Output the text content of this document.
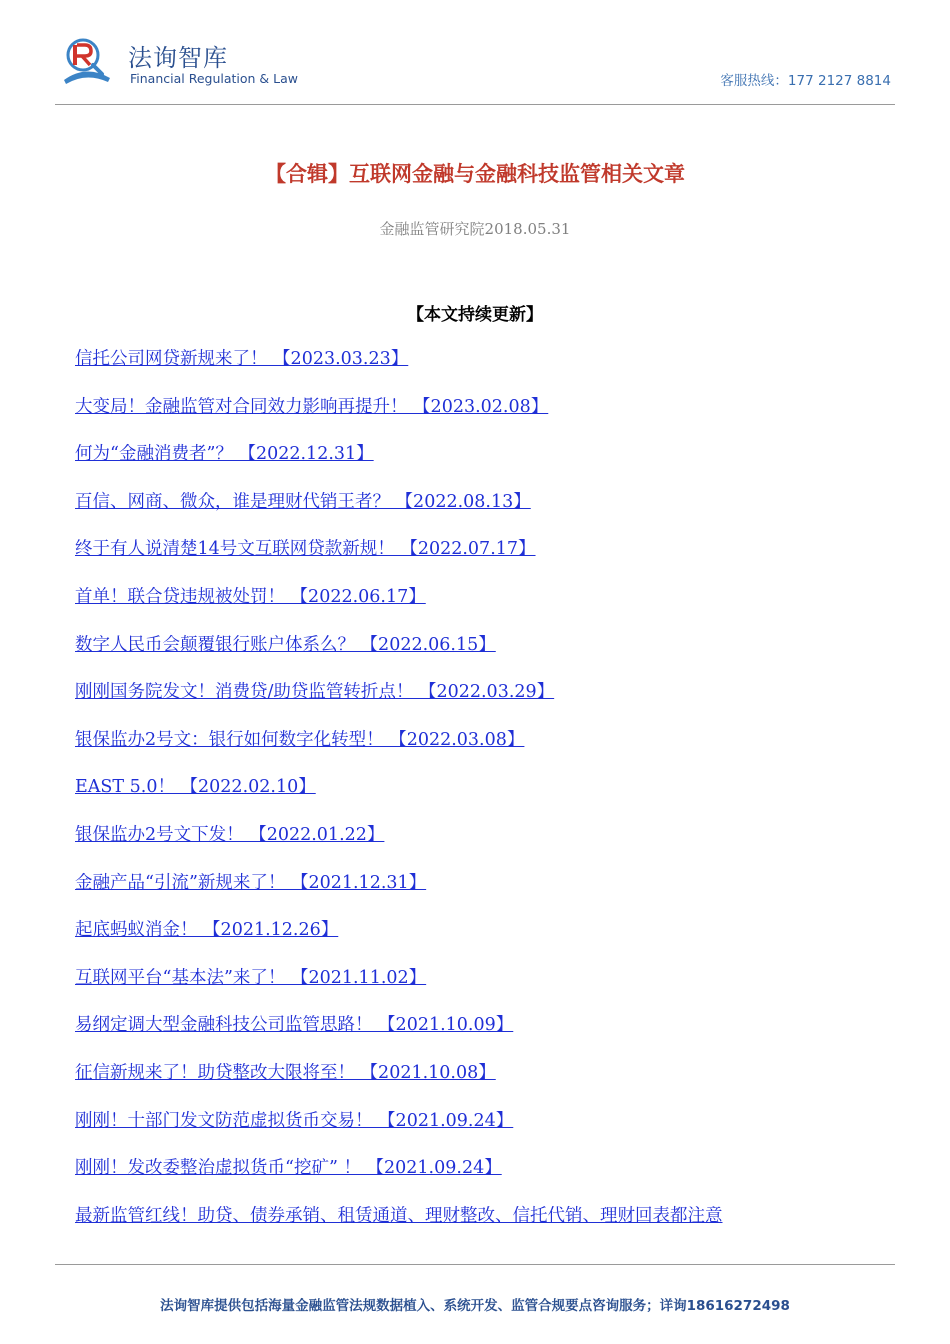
法询智库
Financial Regulation & Law	客服热线：177 2127 8814
【合辑】互联网金融与金融科技监管相关文章
金融监管研究院2018.05.31
【本文持续更新】
信托公司网贷新规来了！ 【2023.03.23】
大变局！金融监管对合同效力影响再提升！ 【2023.02.08】
何为“金融消费者”？ 【2022.12.31】
百信、网商、微众，谁是理财代销王者？ 【2022.08.13】
终于有人说清楚14号文互联网贷款新规！ 【2022.07.17】
首单！联合贷违规被处罚！ 【2022.06.17】
数字人民币会颠覆银行账户体系么？ 【2022.06.15】
刚刚国务院发文！消费贷/助贷监管转折点！ 【2022.03.29】
银保监办2号文：银行如何数字化转型！ 【2022.03.08】
EAST 5.0！ 【2022.02.10】
银保监办2号文下发！ 【2022.01.22】
金融产品“引流”新规来了！ 【2021.12.31】
起底蚂蚁消金！ 【2021.12.26】
互联网平台“基本法”来了！ 【2021.11.02】
易纲定调大型金融科技公司监管思路！ 【2021.10.09】
征信新规来了！助贷整改大限将至！ 【2021.10.08】
刚刚！十部门发文防范虚拟货币交易！ 【2021.09.24】
刚刚！发改委整治虚拟货币“挖矿” ！ 【2021.09.24】
最新监管红线！助贷、债券承销、租赁通道、理财整改、信托代销、理财回表都注意
法询智库提供包括海量金融监管法规数据植入、系统开发、监管合规要点咨询服务；详询18616272498
